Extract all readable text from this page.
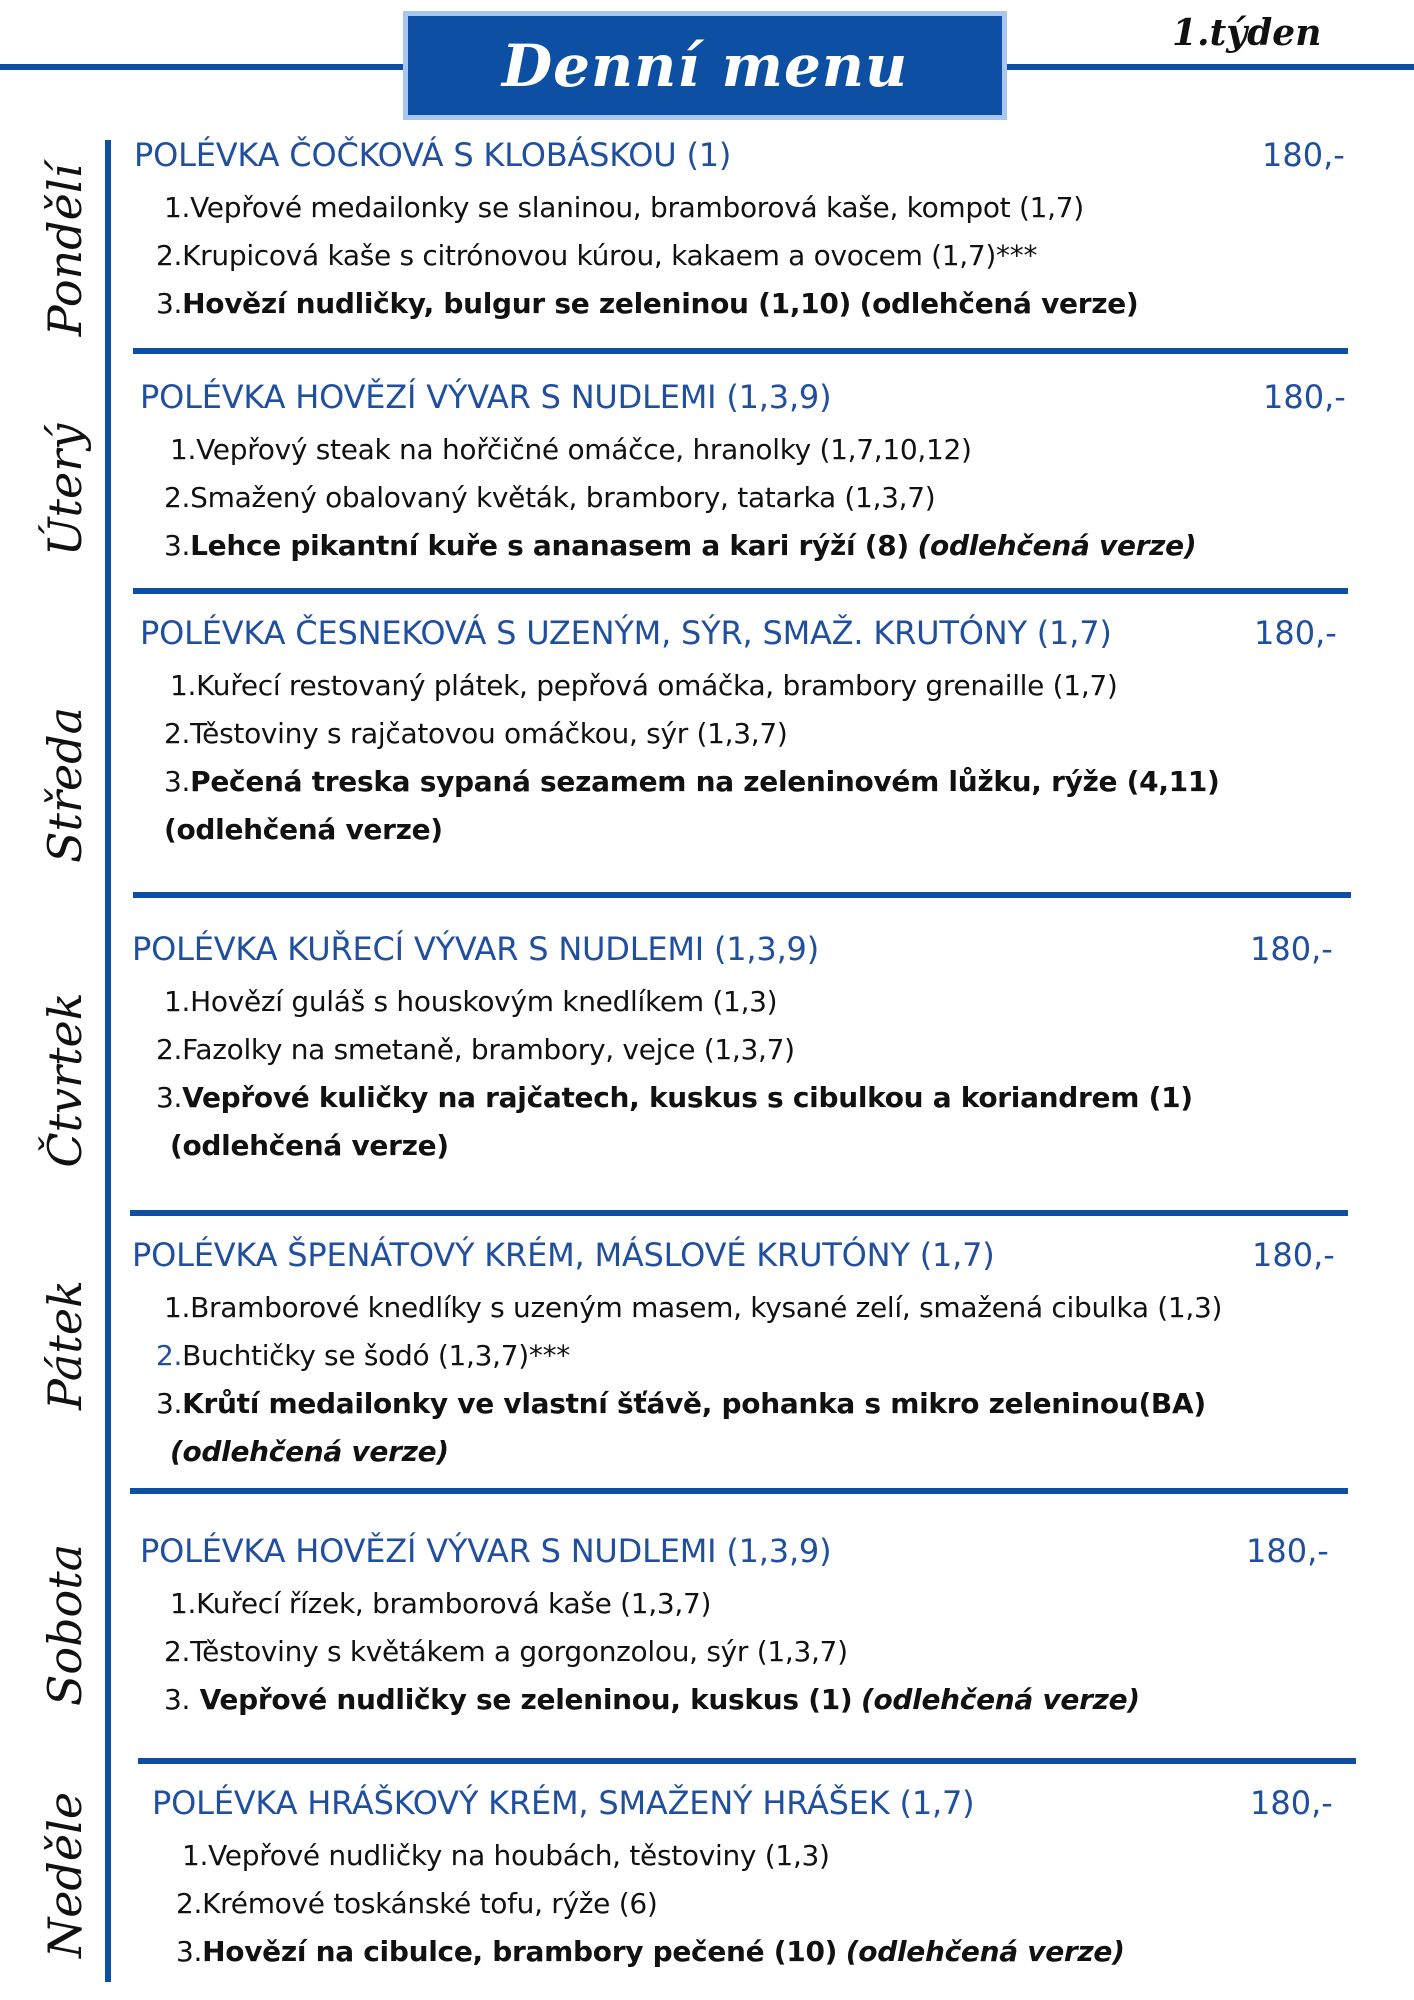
Denní menu	1.týden
Pondělí
Úterý
Středa
Čtvrtek
Pátek
Sobota
Neděle
POLÉVKA ČOČKOVÁ S KLOBÁSKOU (1)	180,-
1.Vepřové medailonky se slaninou, bramborová kaše, kompot (1,7)
2.Krupicová kaše s citrónovou kúrou, kakaem a ovocem (1,7)***
3.Hovězí nudličky, bulgur se zeleninou (1,10) (odlehčená verze)
POLÉVKA HOVĚZÍ VÝVAR S NUDLEMI (1,3,9)	180,-
1.Vepřový steak na hořčičné omáčce, hranolky (1,7,10,12)
2.Smažený obalovaný květák, brambory, tatarka (1,3,7)
3.Lehce pikantní kuře s ananasem a kari rýží (8) (odlehčená verze)
POLÉVKA ČESNEKOVÁ S UZENÝM, SÝR, SMAŽ. KRUTÓNY (1,7)	180,-
1.Kuřecí restovaný plátek, pepřová omáčka, brambory grenaille (1,7)
2.Těstoviny s rajčatovou omáčkou, sýr (1,3,7)
3.Pečená treska sypaná sezamem na zeleninovém lůžku, rýže (4,11)
(odlehčená verze)
POLÉVKA KUŘECÍ VÝVAR S NUDLEMI (1,3,9)	180,-
1.Hovězí guláš s houskovým knedlíkem (1,3)
2.Fazolky na smetaně, brambory, vejce (1,3,7)
3.Vepřové kuličky na rajčatech, kuskus s cibulkou a koriandrem (1)
(odlehčená verze)
POLÉVKA ŠPENÁTOVÝ KRÉM, MÁSLOVÉ KRUTÓNY (1,7)	180,-
1.Bramborové knedlíky s uzeným masem, kysané zelí, smažená cibulka (1,3)
2.Buchtičky se šodó (1,3,7)***
3.Krůtí medailonky ve vlastní šťávě, pohanka s mikro zeleninou(BA)
(odlehčená verze)
POLÉVKA HOVĚZÍ VÝVAR S NUDLEMI (1,3,9)	180,-
1.Kuřecí řízek, bramborová kaše (1,3,7)
2.Těstoviny s květákem a gorgonzolou, sýr (1,3,7)
3. Vepřové nudličky se zeleninou, kuskus (1) (odlehčená verze)
POLÉVKA HRÁŠKOVÝ KRÉM, SMAŽENÝ HRÁŠEK (1,7)	180,-
1.Vepřové nudličky na houbách, těstoviny (1,3)
2.Krémové toskánské tofu, rýže (6)
3.Hovězí na cibulce, brambory pečené (10) (odlehčená verze)
